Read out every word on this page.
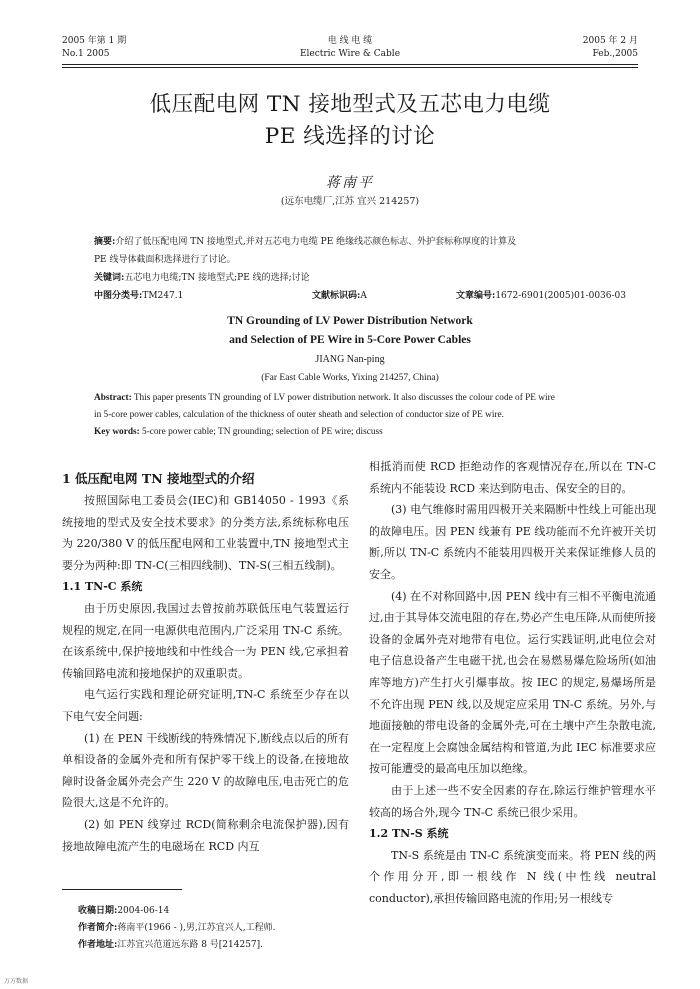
2005 年第 1 期
No.1 2005
电 线 电 缆
Electric Wire & Cable
2005 年 2 月
Feb.,2005
低压配电网 TN 接地型式及五芯电力电缆
PE 线选择的讨论
蒋南平
(远东电缆厂,江苏 宜兴 214257)
摘要:介绍了低压配电网 TN 接地型式,并对五芯电力电缆 PE 绝缘线芯颜色标志、外护套标称厚度的计算及
PE 线导体截面积选择进行了讨论。
关键词:五芯电力电缆;TN 接地型式;PE 线的选择;讨论
中图分类号:TM247.1	文献标识码:A	文章编号:1672-6901(2005)01-0036-03
TN Grounding of LV Power Distribution Network
and Selection of PE Wire in 5-Core Power Cables
JIANG Nan-ping
(Far East Cable Works, Yixing 214257, China)
Abstract: This paper presents TN grounding of LV power distribution network. It also discusses the colour code of PE wire
in 5-core power cables, calculation of the thickness of outer sheath and selection of conductor size of PE wire.
Key words: 5-core power cable; TN grounding; selection of PE wire; discuss
1 低压配电网 TN 接地型式的介绍

按照国际电工委员会(IEC)和 GB14050 - 1993《系统接地的型式及安全技术要求》的分类方法,系统标称电压为 220/380 V 的低压配电网和工业装置中,TN 接地型式主要分为两种:即 TN-C(三相四线制)、TN-S(三相五线制)。

1.1 TN-C 系统

由于历史原因,我国过去曾按前苏联低压电气装置运行规程的规定,在同一电源供电范围内,广泛采用 TN-C 系统。在该系统中,保护接地线和中性线合一为 PEN 线,它承担着传输回路电流和接地保护的双重职责。

电气运行实践和理论研究证明,TN-C 系统至少存在以下电气安全问题:

(1) 在 PEN 干线断线的特殊情况下,断线点以后的所有单相设备的金属外壳和所有保护零干线上的设备,在接地故障时设备金属外壳会产生 220 V 的故障电压,电击死亡的危险很大,这是不允许的。

(2) 如 PEN 线穿过 RCD(简称剩余电流保护器),因有接地故障电流产生的电磁场在 RCD 内互

收稿日期:2004-06-14
作者简介:蒋南平(1966 - ),男,江苏宜兴人,工程师.
作者地址:江苏宜兴范道远东路 8 号[214257].

相抵消而使 RCD 拒绝动作的客观情况存在,所以在 TN-C 系统内不能装设 RCD 来达到防电击、保安全的目的。

(3) 电气维修时需用四极开关来隔断中性线上可能出现的故障电压。因 PEN 线兼有 PE 线功能而不允许被开关切断,所以 TN-C 系统内不能装用四极开关来保证维修人员的安全。

(4) 在不对称回路中,因 PEN 线中有三相不平衡电流通过,由于其导体交流电阻的存在,势必产生电压降,从而使所接设备的金属外壳对地带有电位。运行实践证明,此电位会对电子信息设备产生电磁干扰,也会在易燃易爆危险场所(如油库等地方)产生打火引爆事故。按 IEC 的规定,易爆场所是不允许出现 PEN 线,以及规定应采用 TN-C 系统。另外,与地面接触的带电设备的金属外壳,可在土壤中产生杂散电流,在一定程度上会腐蚀金属结构和管道,为此 IEC 标准要求应按可能遭受的最高电压加以绝缘。

由于上述一些不安全因素的存在,除运行维护管理水平较高的场合外,现今 TN-C 系统已很少采用。

1.2 TN-S 系统

TN-S 系统是由 TN-C 系统演变而来。将 PEN 线的两个作用分开,即一根线作 N 线(中性线 neutral conductor),承担传输回路电流的作用;另一根线专

万方数据
